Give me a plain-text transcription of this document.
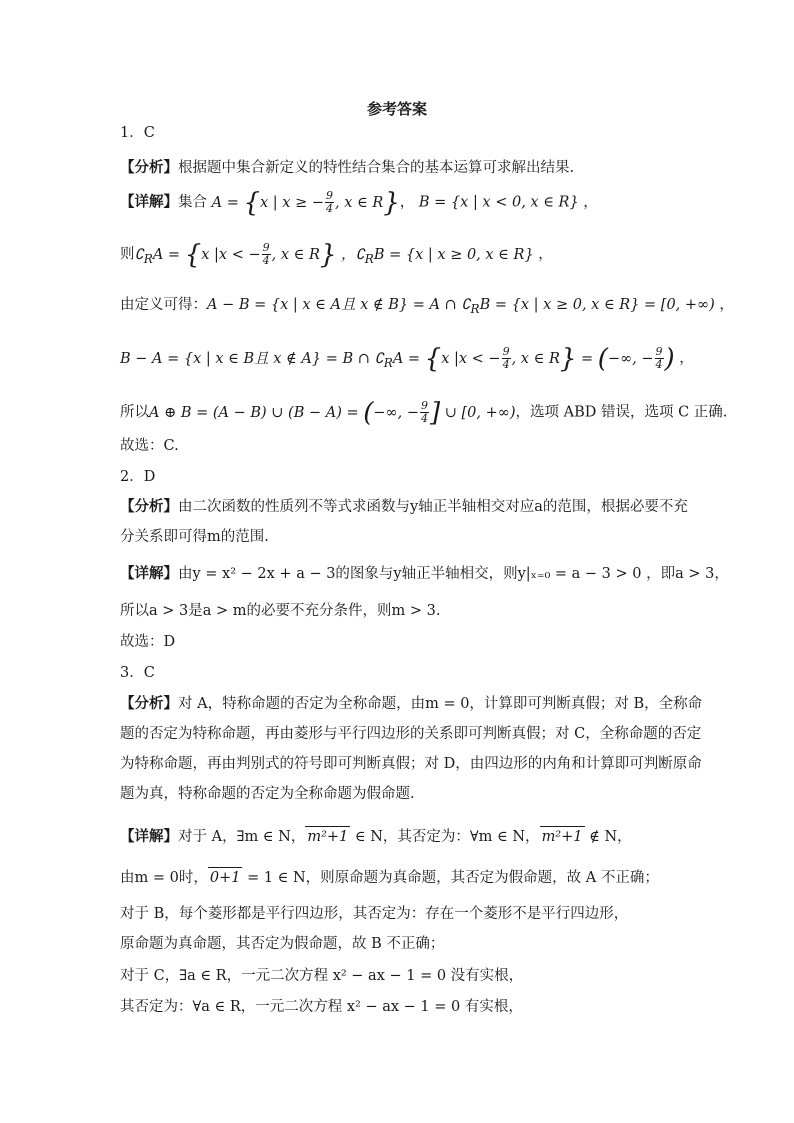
参考答案
1．C
【分析】根据题中集合新定义的特性结合集合的基本运算可求解出结果.
【详解】集合 A = {x | x ≥ − $\frac{9}{4}$ , x ∈ R}， B = {x | x < 0, x ∈ R} ，
则$∁_RA = \{x$ |x < − $\frac{9}{4}$ , x ∈ R} ，$∁_RB = \{x$ | x ≥ 0, x ∈ R} ，
由定义可得：A − B = {x | x ∈ A且 x ∉ B} = A ∩ $∁_RB = \{x$ | x ≥ 0, x ∈ R} = [0, +∞) ，
B − A = {x | x ∈ B且 x ∉ A} = B ∩ $∁_RA = \{x$ |x < − $\frac{9}{4}$ , x ∈ R} = (−∞, − $\frac{9}{4}$ ) ，
所以A ⊕ B = (A − B) ∪ (B − A) = (−∞, − $\frac{9}{4}$ ] ∪ [0, +∞)，选项 ABD 错误，选项 C 正确.
故选：C.
2．D
【分析】由二次函数的性质列不等式求函数与y轴正半轴相交对应a的范围，根据必要不充
分关系即可得m的范围.
【详解】由y = x² − 2x + a − 3的图象与y轴正半轴相交，则y|ₓ₌₀ = a − 3 > 0 ，即a > 3，
所以a > 3是a > m的必要不充分条件，则m > 3.
故选：D
3．C
【分析】对 A，特称命题的否定为全称命题，由m = 0，计算即可判断真假；对 B，全称命
题的否定为特称命题，再由菱形与平行四边形的关系即可判断真假；对 C，全称命题的否定
为特称命题，再由判别式的符号即可判断真假；对 D，由四边形的内角和计算即可判断原命
题为真，特称命题的否定为全称命题为假命题.
【详解】对于 A，∃m ∈ N， m²+1 ∈ N，其否定为：∀m ∈ N， m²+1 ∉ N，
由m = 0时， 0+1 = 1 ∈ N，则原命题为真命题，其否定为假命题，故 A 不正确；
对于 B，每个菱形都是平行四边形，其否定为：存在一个菱形不是平行四边形，
原命题为真命题，其否定为假命题，故 B 不正确；
对于 C，∃a ∈ R，一元二次方程 x² − ax − 1 = 0 没有实根，
其否定为：∀a ∈ R，一元二次方程 x² − ax − 1 = 0 有实根，
